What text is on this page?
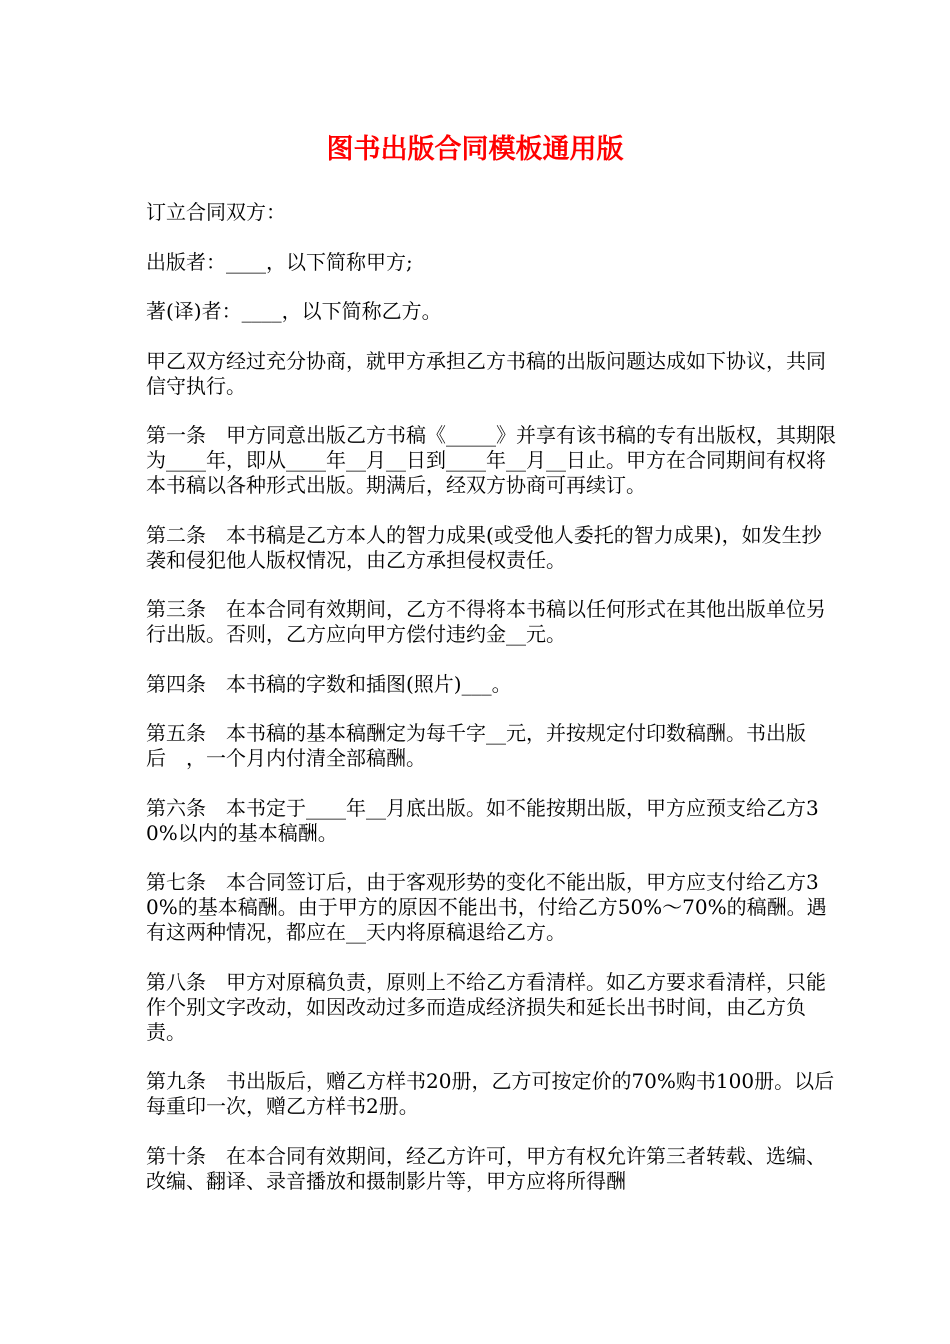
图书出版合同模板通用版

订立合同双方：

出版者：____，以下简称甲方;

著(译)者：____，以下简称乙方。

甲乙双方经过充分协商，就甲方承担乙方书稿的出版问题达成如下协议，共同信守执行。

第一条　甲方同意出版乙方书稿《_____》并享有该书稿的专有出版权，其期限为____年，即从____年__月__日到____年__月__日止。甲方在合同期间有权将本书稿以各种形式出版。期满后，经双方协商可再续订。

第二条　本书稿是乙方本人的智力成果(或受他人委托的智力成果)，如发生抄袭和侵犯他人版权情况，由乙方承担侵权责任。

第三条　在本合同有效期间，乙方不得将本书稿以任何形式在其他出版单位另行出版。否则，乙方应向甲方偿付违约金__元。

第四条　本书稿的字数和插图(照片)___。

第五条　本书稿的基本稿酬定为每千字__元，并按规定付印数稿酬。书出版后　，一个月内付清全部稿酬。

第六条　本书定于____年__月底出版。如不能按期出版，甲方应预支给乙方30%以内的基本稿酬。

第七条　本合同签订后，由于客观形势的变化不能出版，甲方应支付给乙方30%的基本稿酬。由于甲方的原因不能出书，付给乙方50%～70%的稿酬。遇有这两种情况，都应在__天内将原稿退给乙方。

第八条　甲方对原稿负责，原则上不给乙方看清样。如乙方要求看清样，只能作个别文字改动，如因改动过多而造成经济损失和延长出书时间，由乙方负责。

第九条　书出版后，赠乙方样书20册，乙方可按定价的70%购书100册。以后每重印一次，赠乙方样书2册。

第十条　在本合同有效期间，经乙方许可，甲方有权允许第三者转载、选编、改编、翻译、录音播放和摄制影片等，甲方应将所得酬
